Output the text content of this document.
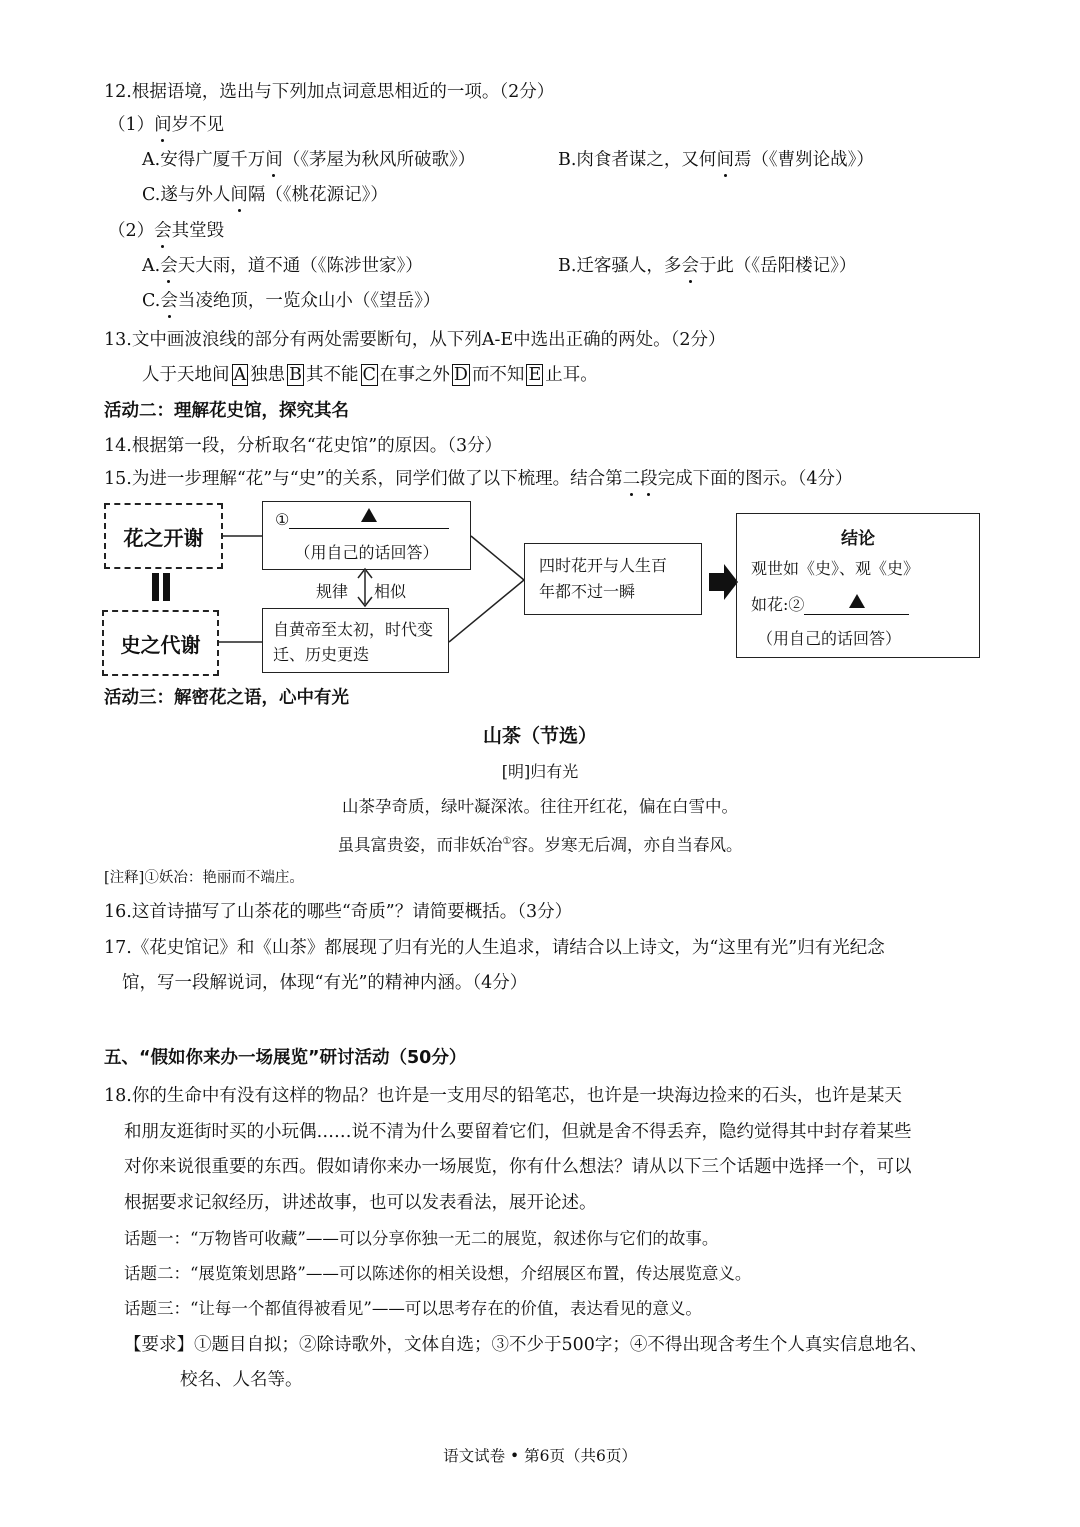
12.根据语境，选出与下列加点词意思相近的一项。（2分）
（1）间岁不见
A.安得广厦千万间（《茅屋为秋风所破歌》）	B.肉食者谋之，又何间焉（《曹刿论战》）
C.遂与外人间隔（《桃花源记》）
（2）会其堂毁
A.会天大雨，道不通（《陈涉世家》）	B.迁客骚人，多会于此（《岳阳楼记》）
C.会当凌绝顶，一览众山小（《望岳》）
13.文中画波浪线的部分有两处需要断句，从下列A-E中选出正确的两处。（2分）
人于天地间 A 独患 B 其不能 C 在事之外 D 而不知 E 止耳。
活动二：理解花史馆，探究其名
14.根据第一段，分析取名“花史馆”的原因。（3分）
15.为进一步理解“花”与“史”的关系，同学们做了以下梳理。结合第二段完成下面的图示。（4分）
花之开谢
史之代谢
①
（用自己的话回答）
规律 相似
自黄帝至太初，时代变
迁、历史更迭
四时花开与人生百
年都不过一瞬
结论
观世如《史》、观《史》
如花:②
（用自己的话回答）
活动三：解密花之语，心中有光
山茶（节选）
[明]归有光
山茶孕奇质，绿叶凝深浓。往往开红花，偏在白雪中。
虽具富贵姿，而非妖冶①容。岁寒无后凋，亦自当春风。
[注释]①妖冶：艳丽而不端庄。
16.这首诗描写了山茶花的哪些“奇质”？请简要概括。（3分）
17.《花史馆记》和《山茶》都展现了归有光的人生追求，请结合以上诗文，为“这里有光”归有光纪念
馆，写一段解说词，体现“有光”的精神内涵。（4分）
五、“假如你来办一场展览”研讨活动（50分）
18.你的生命中有没有这样的物品？也许是一支用尽的铅笔芯，也许是一块海边捡来的石头，也许是某天
和朋友逛街时买的小玩偶……说不清为什么要留着它们，但就是舍不得丢弃，隐约觉得其中封存着某些
对你来说很重要的东西。假如请你来办一场展览，你有什么想法？请从以下三个话题中选择一个，可以
根据要求记叙经历，讲述故事，也可以发表看法，展开论述。
话题一：“万物皆可收藏”——可以分享你独一无二的展览，叙述你与它们的故事。
话题二：“展览策划思路”——可以陈述你的相关设想，介绍展区布置，传达展览意义。
话题三：“让每一个都值得被看见”——可以思考存在的价值，表达看见的意义。
【要求】①题目自拟；②除诗歌外，文体自选；③不少于500字；④不得出现含考生个人真实信息地名、
校名、人名等。
语文试卷 • 第6页（共6页）
